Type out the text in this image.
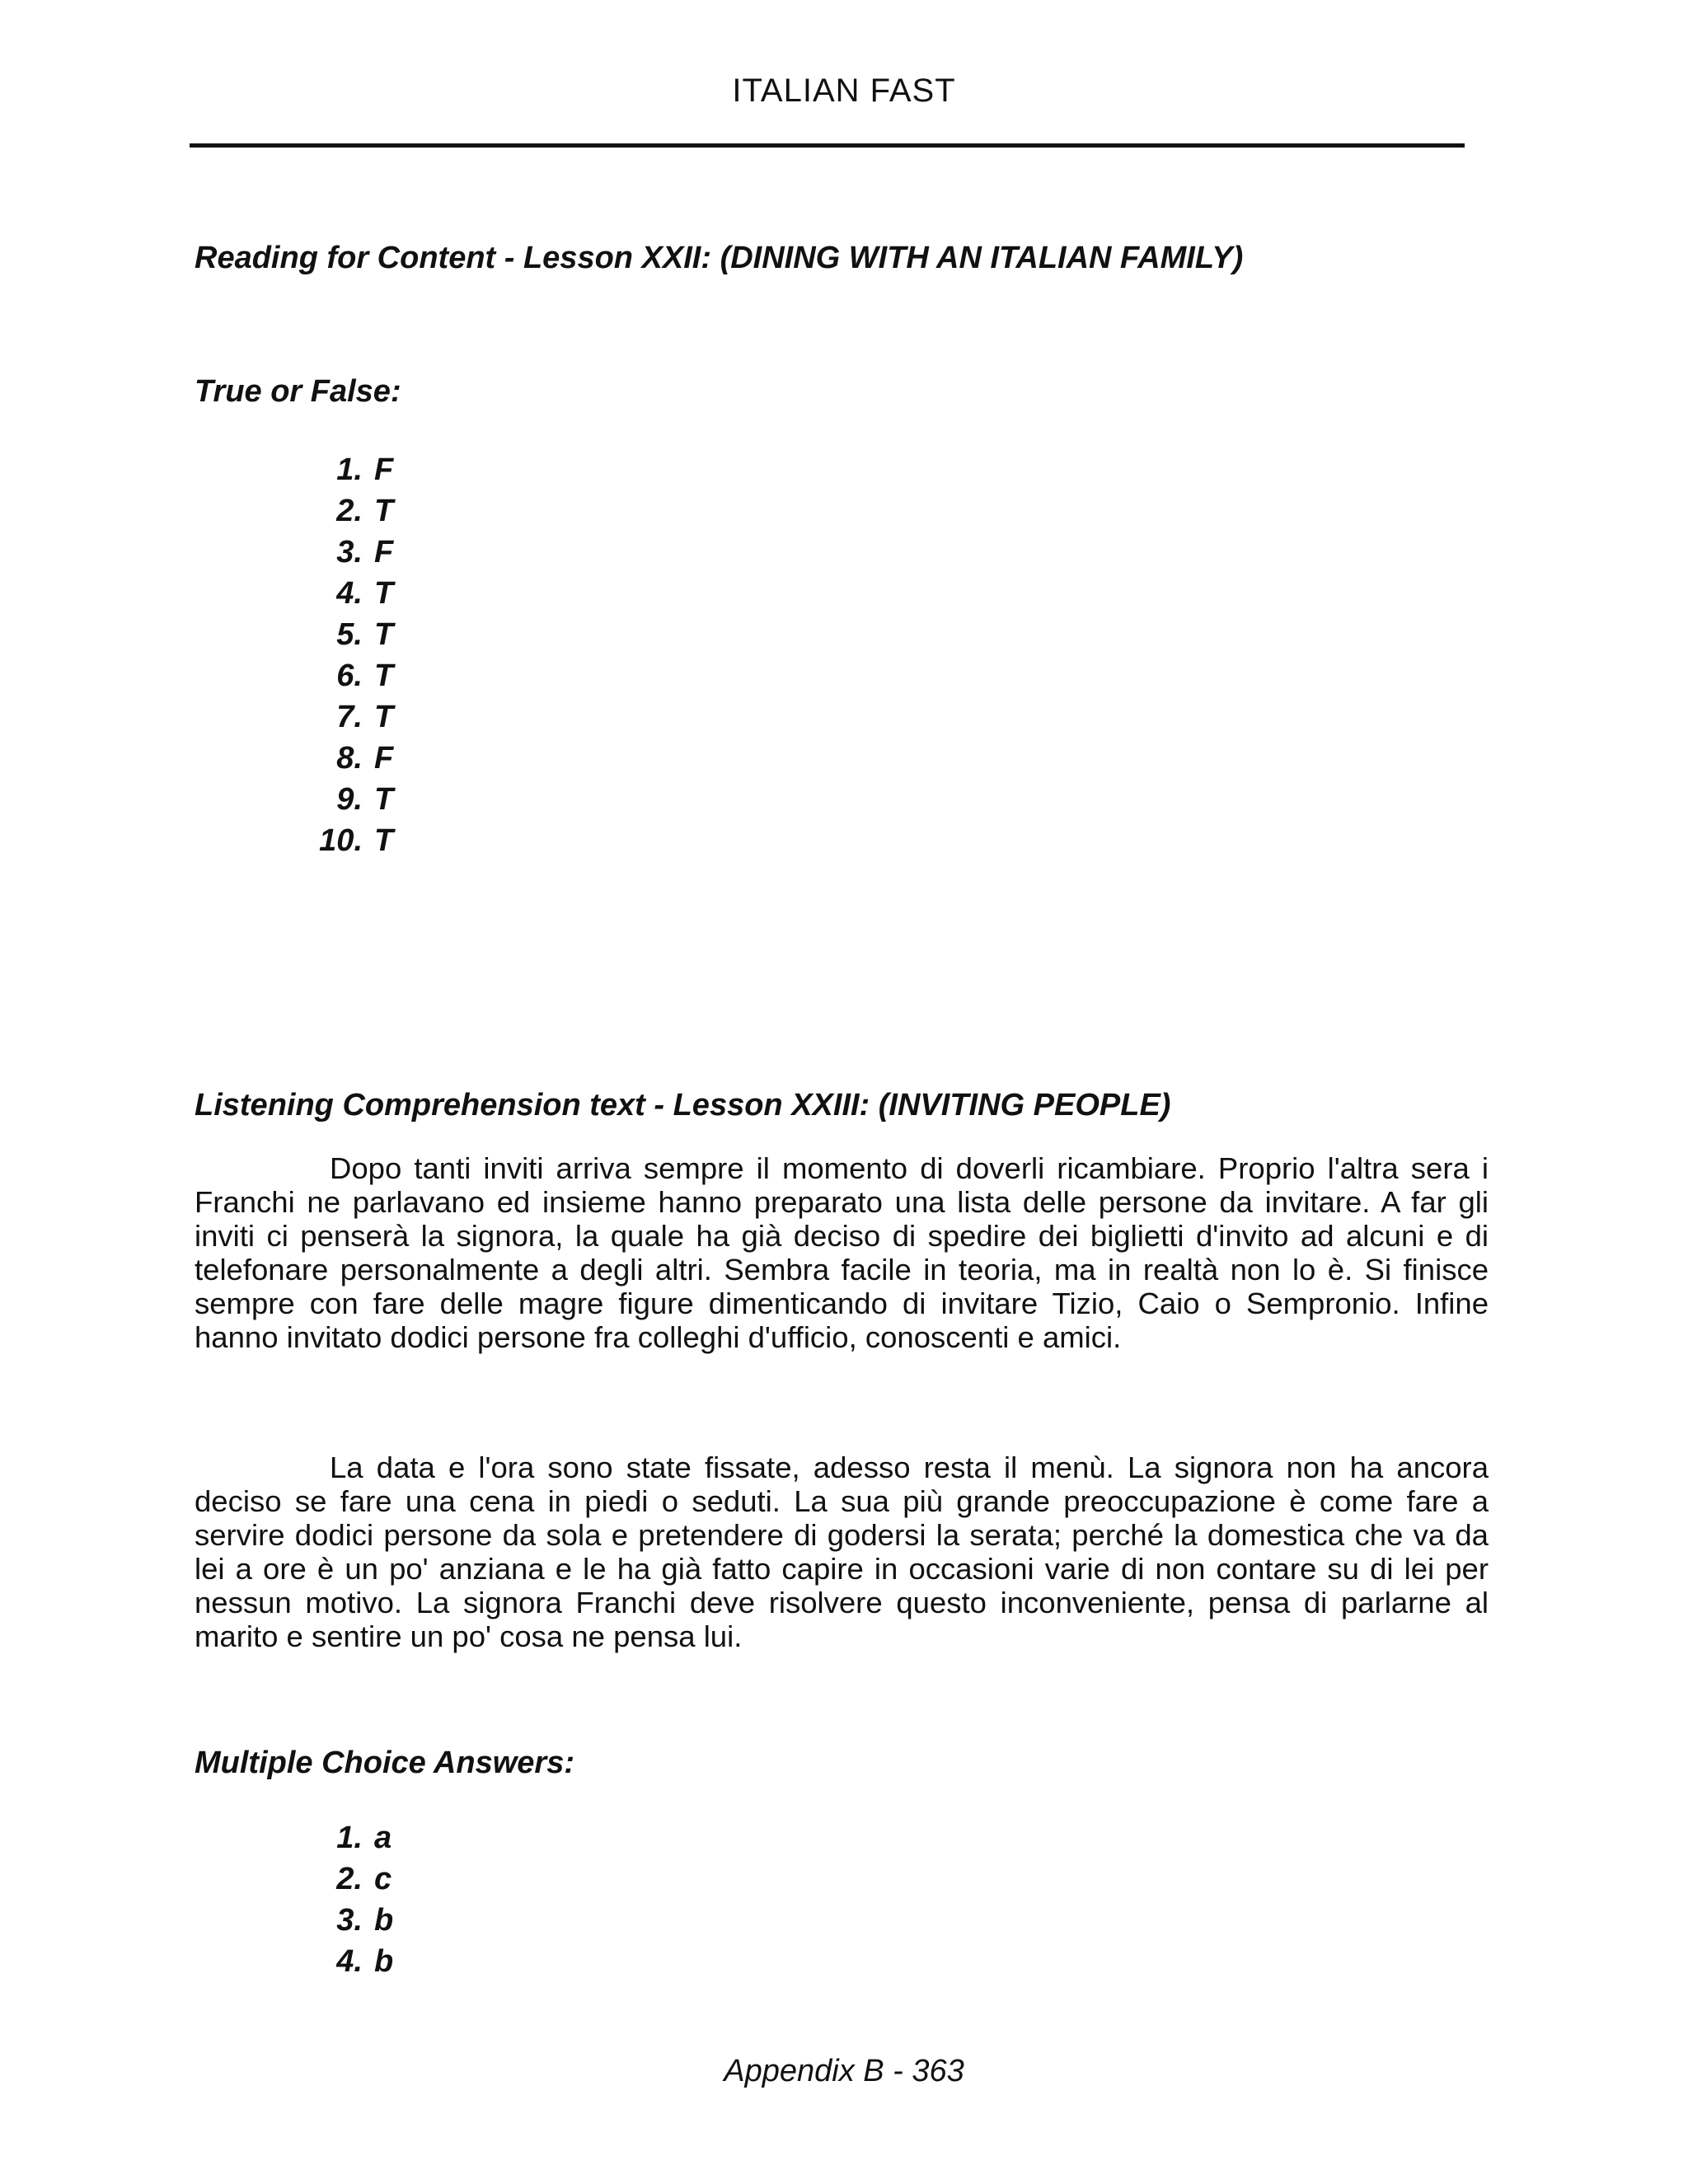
ITALIAN FAST
Reading for Content - Lesson XXII: (DINING WITH AN ITALIAN FAMILY)
True or False:
1. F
2. T
3. F
4. T
5. T
6. T
7. T
8. F
9. T
10. T
Listening Comprehension text - Lesson XXIII: (INVITING PEOPLE)

Dopo tanti inviti arriva sempre il momento di doverli ricambiare. Proprio l'altra sera i Franchi ne parlavano ed insieme hanno preparato una lista delle persone da invitare. A far gli inviti ci penserà la signora, la quale ha già deciso di spedire dei biglietti d'invito ad alcuni e di telefonare personalmente a degli altri. Sembra facile in teoria, ma in realtà non lo è. Si finisce sempre con fare delle magre figure dimenticando di invitare Tizio, Caio o Sempronio. Infine hanno invitato dodici persone fra colleghi d'ufficio, conoscenti e amici.

La data e l'ora sono state fissate, adesso resta il menù. La signora non ha ancora deciso se fare una cena in piedi o seduti. La sua più grande preoccupazione è come fare a servire dodici persone da sola e pretendere di godersi la serata; perché la domestica che va da lei a ore è un po' anziana e le ha già fatto capire in occasioni varie di non contare su di lei per nessun motivo. La signora Franchi deve risolvere questo inconveniente, pensa di parlarne al marito e sentire un po' cosa ne pensa lui.

Multiple Choice Answers:
1. a
2. c
3. b
4. b
Appendix B - 363
